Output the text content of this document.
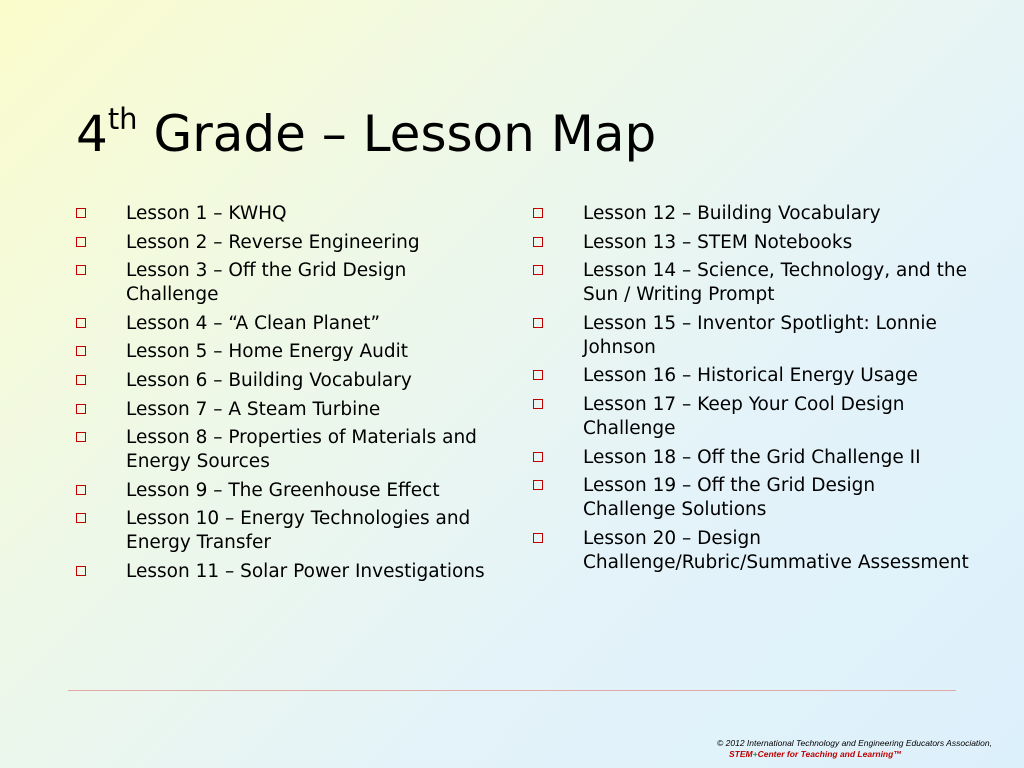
4th Grade – Lesson Map
Lesson 1 – KWHQ
Lesson 2 – Reverse Engineering
Lesson 3 – Off the Grid Design Challenge
Lesson 4 – “A Clean Planet”
Lesson 5 – Home Energy Audit
Lesson 6 – Building Vocabulary
Lesson 7 – A Steam Turbine
Lesson 8 – Properties of Materials and Energy Sources
Lesson 9 – The Greenhouse Effect
Lesson 10 – Energy Technologies and Energy Transfer
Lesson 11 – Solar Power Investigations
Lesson 12 – Building Vocabulary
Lesson 13 – STEM Notebooks
Lesson 14 – Science, Technology, and the Sun / Writing Prompt
Lesson 15 – Inventor Spotlight: Lonnie Johnson
Lesson 16 – Historical Energy Usage
Lesson 17 – Keep Your Cool Design Challenge
Lesson 18 – Off the Grid Challenge II
Lesson 19 – Off the Grid Design Challenge Solutions
Lesson 20 – Design Challenge/Rubric/Summative Assessment
© 2012 International Technology and Engineering Educators Association,
STEM+Center for Teaching and Learning™
